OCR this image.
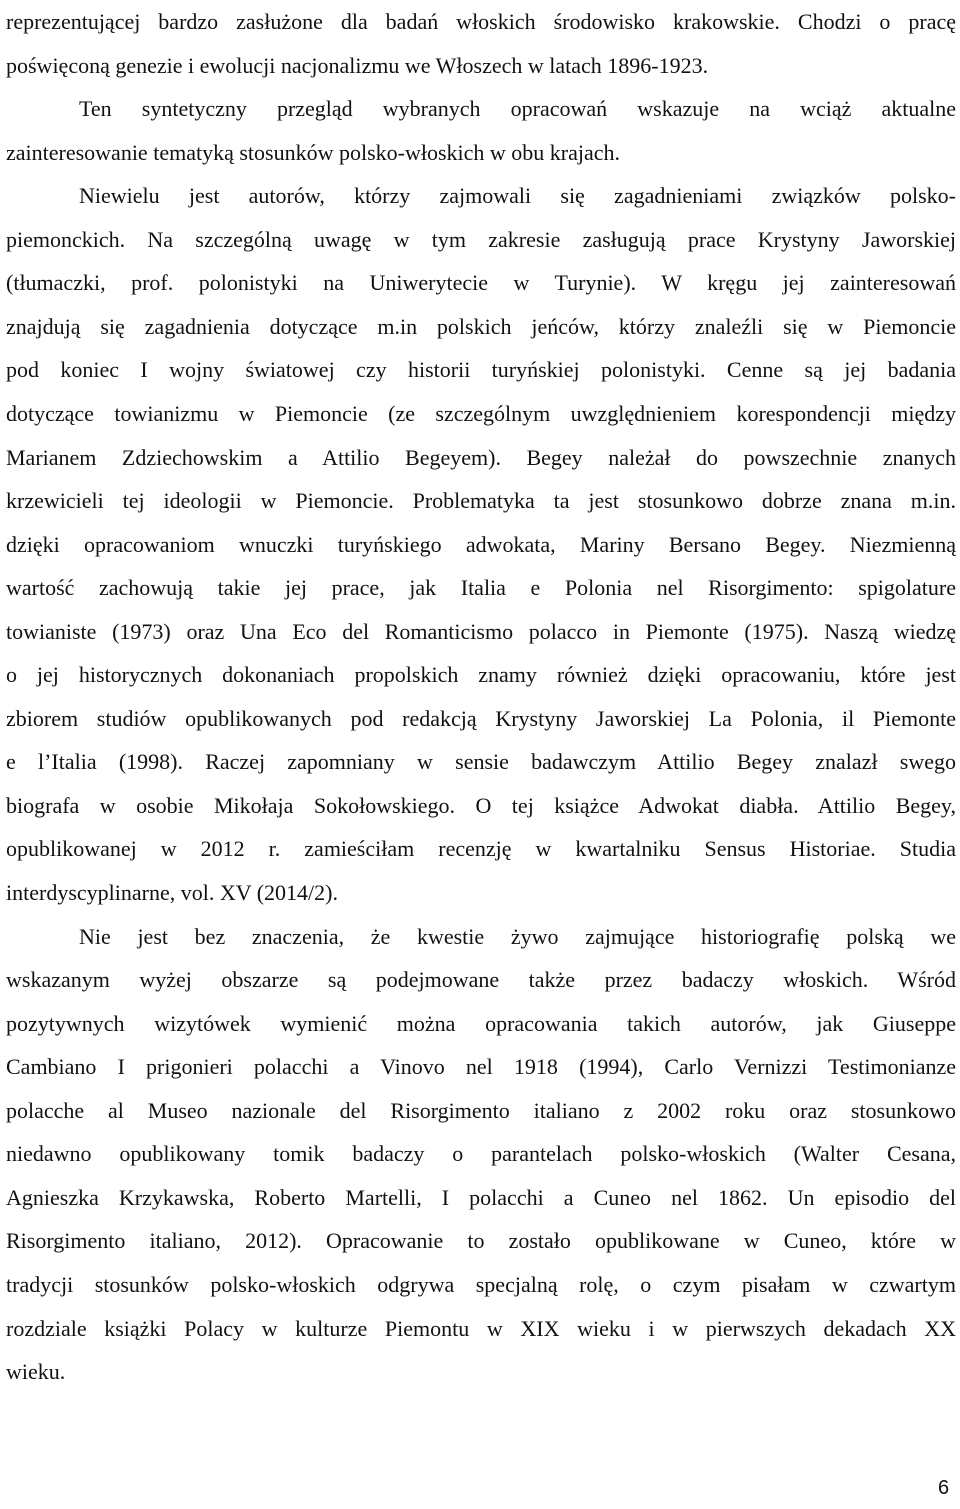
reprezentującej bardzo zasłużone dla badań włoskich środowisko krakowskie. Chodzi o pracę
poświęconą genezie i ewolucji nacjonalizmu we Włoszech w latach 1896-1923.
Ten syntetyczny przegląd wybranych opracowań wskazuje na wciąż aktualne
zainteresowanie tematyką stosunków polsko-włoskich w obu krajach.
Niewielu jest autorów, którzy zajmowali się zagadnieniami związków polsko-
piemonckich. Na szczególną uwagę w tym zakresie zasługują prace Krystyny Jaworskiej
(tłumaczki, prof. polonistyki na Uniwerytecie w Turynie). W kręgu jej zainteresowań
znajdują się zagadnienia dotyczące m.in polskich jeńców, którzy znaleźli się w Piemoncie
pod koniec I wojny światowej czy historii turyńskiej polonistyki. Cenne są jej badania
dotyczące towianizmu w Piemoncie (ze szczególnym uwzględnieniem korespondencji między
Marianem Zdziechowskim a Attilio Begeyem). Begey należał do powszechnie znanych
krzewicieli tej ideologii w Piemoncie. Problematyka ta jest stosunkowo dobrze znana m.in.
dzięki opracowaniom wnuczki turyńskiego adwokata, Mariny Bersano Begey. Niezmienną
wartość zachowują takie jej prace, jak Italia e Polonia nel Risorgimento: spigolature
towianiste (1973) oraz Una Eco del Romanticismo polacco in Piemonte (1975). Naszą wiedzę
o jej historycznych dokonaniach propolskich znamy również dzięki opracowaniu, które jest
zbiorem studiów opublikowanych pod redakcją Krystyny Jaworskiej La Polonia, il Piemonte
e l’Italia (1998). Raczej zapomniany w sensie badawczym Attilio Begey znalazł swego
biografa w osobie Mikołaja Sokołowskiego. O tej książce Adwokat diabła. Attilio Begey,
opublikowanej w 2012 r. zamieściłam recenzję w kwartalniku Sensus Historiae. Studia
interdyscyplinarne, vol. XV (2014/2).
Nie jest bez znaczenia, że kwestie żywo zajmujące historiografię polską we
wskazanym wyżej obszarze są podejmowane także przez badaczy włoskich. Wśród
pozytywnych wizytówek wymienić można opracowania takich autorów, jak Giuseppe
Cambiano I prigonieri polacchi a Vinovo nel 1918 (1994), Carlo Vernizzi Testimonianze
polacche al Museo nazionale del Risorgimento italiano z 2002 roku oraz stosunkowo
niedawno opublikowany tomik badaczy o parantelach polsko-włoskich (Walter Cesana,
Agnieszka Krzykawska, Roberto Martelli, I polacchi a Cuneo nel 1862. Un episodio del
Risorgimento italiano, 2012). Opracowanie to zostało opublikowane w Cuneo, które w
tradycji stosunków polsko-włoskich odgrywa specjalną rolę, o czym pisałam w czwartym
rozdziale książki Polacy w kulturze Piemontu w XIX wieku i w pierwszych dekadach XX
wieku.
6
